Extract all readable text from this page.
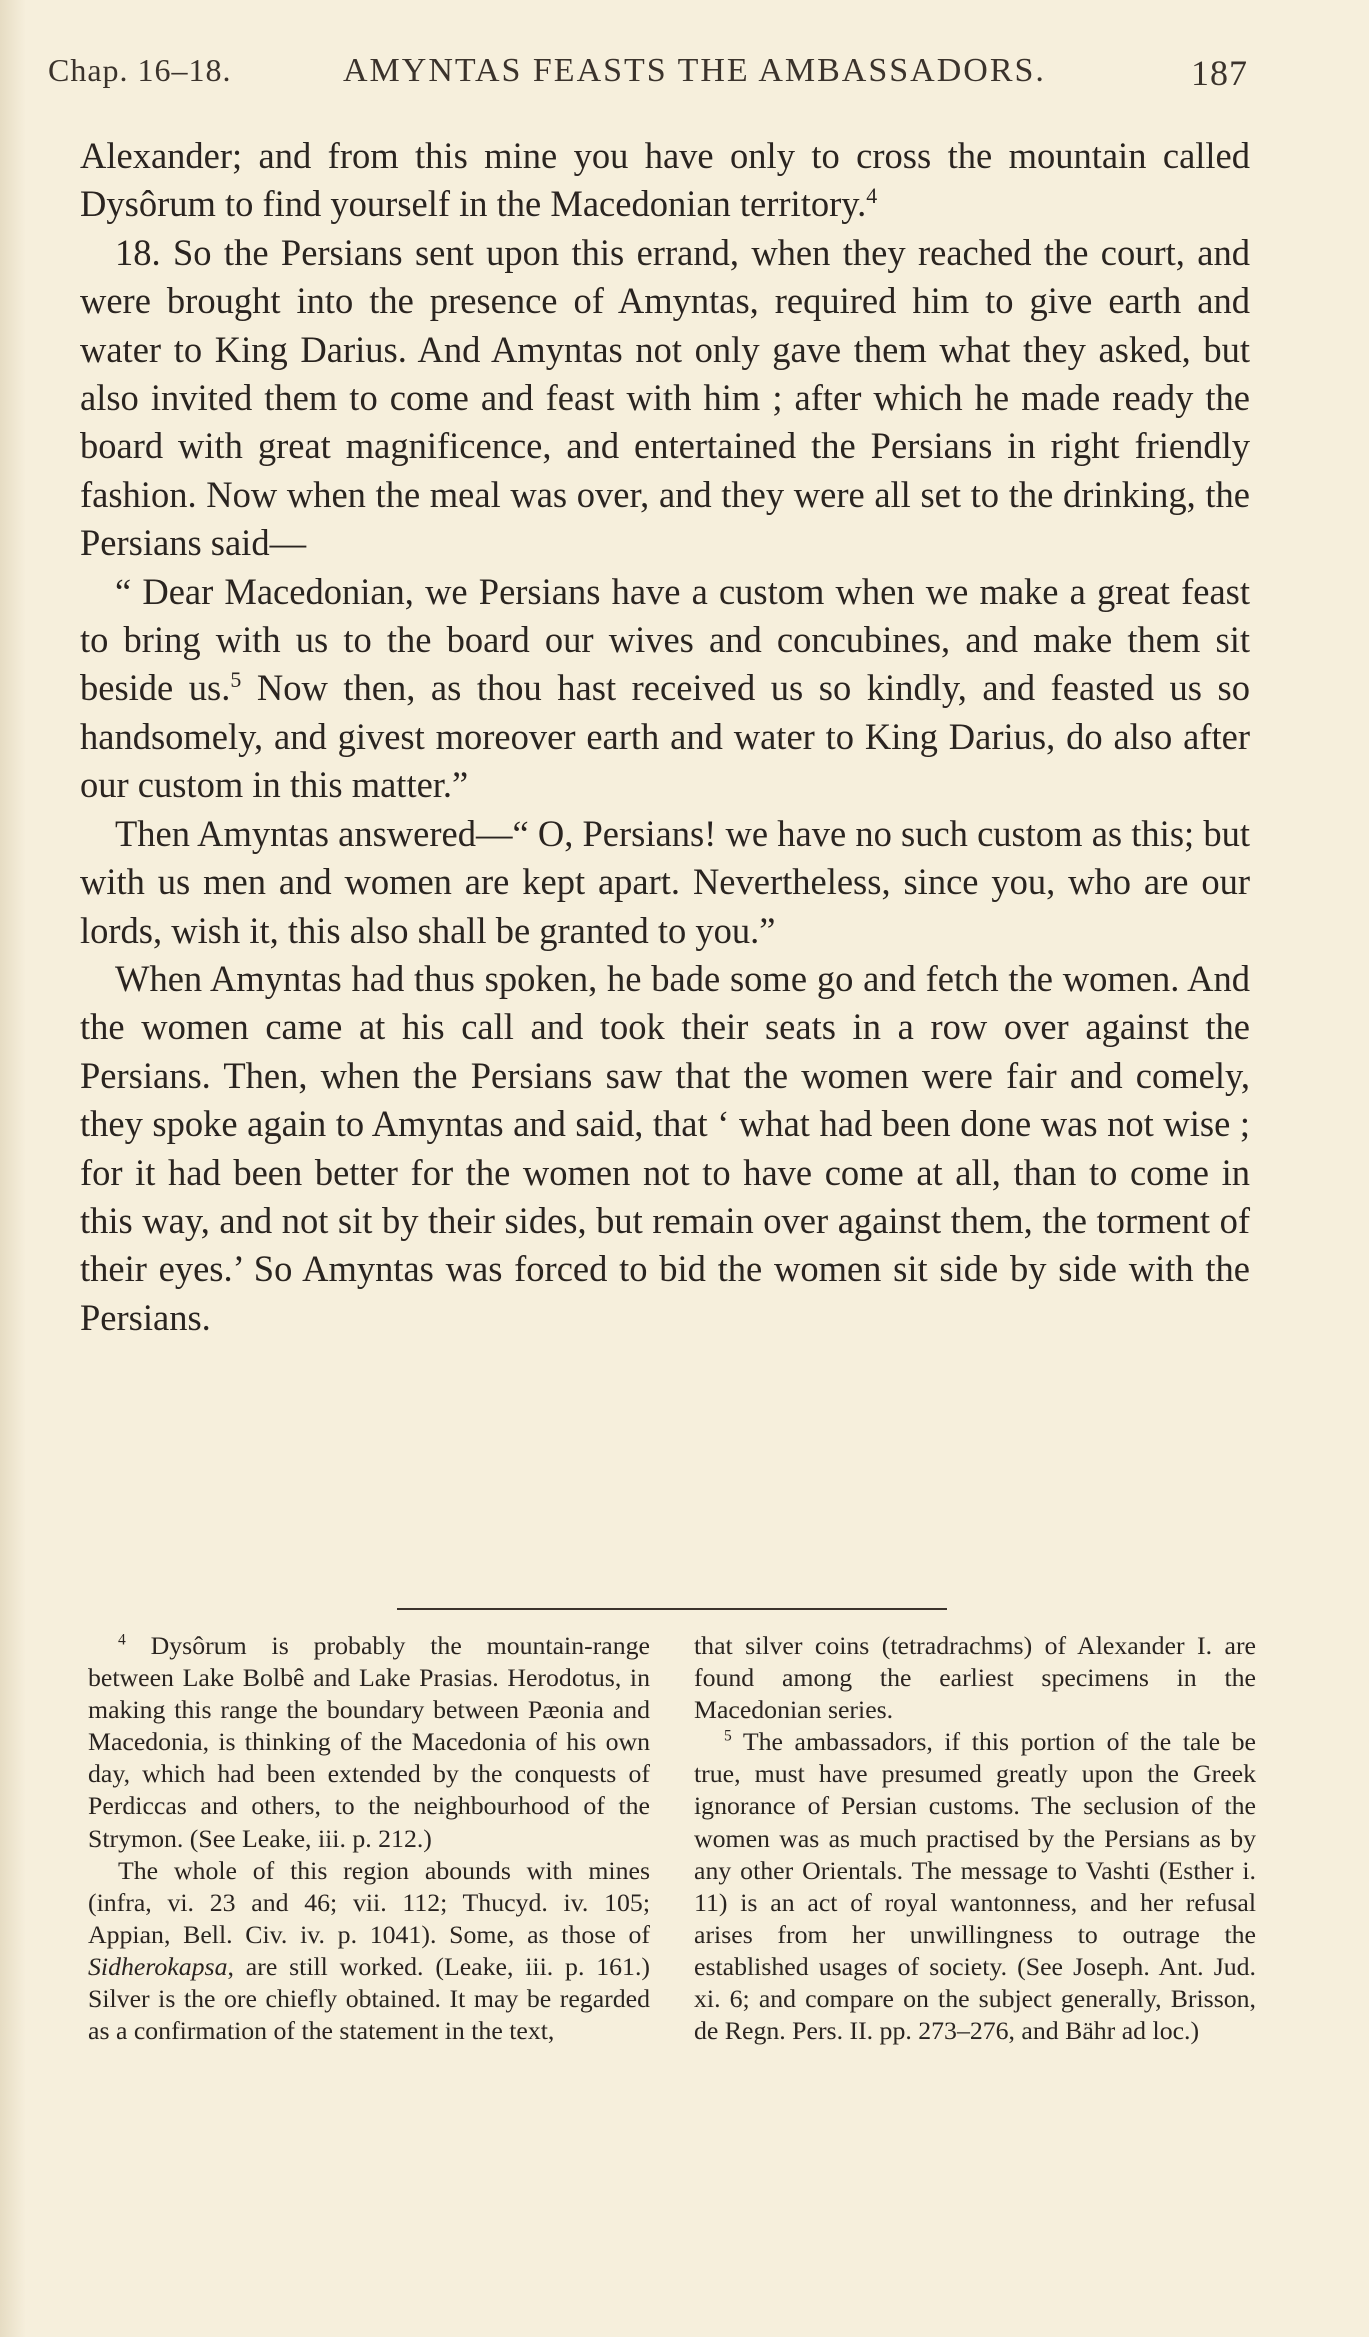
Chap. 16–18.	AMYNTAS FEASTS THE AMBASSADORS.	187

Alexander; and from this mine you have only to cross the mountain called Dysôrum to find yourself in the Macedonian territory.$^4$

18. So the Persians sent upon this errand, when they reached the court, and were brought into the presence of Amyntas, required him to give earth and water to King Darius. And Amyntas not only gave them what they asked, but also invited them to come and feast with him ; after which he made ready the board with great magnificence, and entertained the Persians in right friendly fashion. Now when the meal was over, and they were all set to the drinking, the Persians said—

“ Dear Macedonian, we Persians have a custom when we make a great feast to bring with us to the board our wives and concubines, and make them sit beside us.$^5$ Now then, as thou hast received us so kindly, and feasted us so handsomely, and givest moreover earth and water to King Darius, do also after our custom in this matter.”

Then Amyntas answered—“ O, Persians! we have no such custom as this; but with us men and women are kept apart. Nevertheless, since you, who are our lords, wish it, this also shall be granted to you.”

When Amyntas had thus spoken, he bade some go and fetch the women. And the women came at his call and took their seats in a row over against the Persians. Then, when the Persians saw that the women were fair and comely, they spoke again to Amyntas and said, that ‘ what had been done was not wise ; for it had been better for the women not to have come at all, than to come in this way, and not sit by their sides, but remain over against them, the torment of their eyes.’ So Amyntas was forced to bid the women sit side by side with the Persians.

$^4$ Dysôrum is probably the mountain-range between Lake Bolbê and Lake Prasias. Herodotus, in making this range the boundary between Pæonia and Macedonia, is thinking of the Macedonia of his own day, which had been extended by the conquests of Perdiccas and others, to the neighbourhood of the Strymon. (See Leake, iii. p. 212.)

The whole of this region abounds with mines (infra, vi. 23 and 46; vii. 112; Thucyd. iv. 105; Appian, Bell. Civ. iv. p. 1041). Some, as those of Sidherokapsa, are still worked. (Leake, iii. p. 161.) Silver is the ore chiefly obtained. It may be regarded as a confirmation of the statement in the text,

that silver coins (tetradrachms) of Alexander I. are found among the earliest specimens in the Macedonian series.

$^5$ The ambassadors, if this portion of the tale be true, must have presumed greatly upon the Greek ignorance of Persian customs. The seclusion of the women was as much practised by the Persians as by any other Orientals. The message to Vashti (Esther i. 11) is an act of royal wantonness, and her refusal arises from her unwillingness to outrage the established usages of society. (See Joseph. Ant. Jud. xi. 6; and compare on the subject generally, Brisson, de Regn. Pers. II. pp. 273–276, and Bähr ad loc.)
